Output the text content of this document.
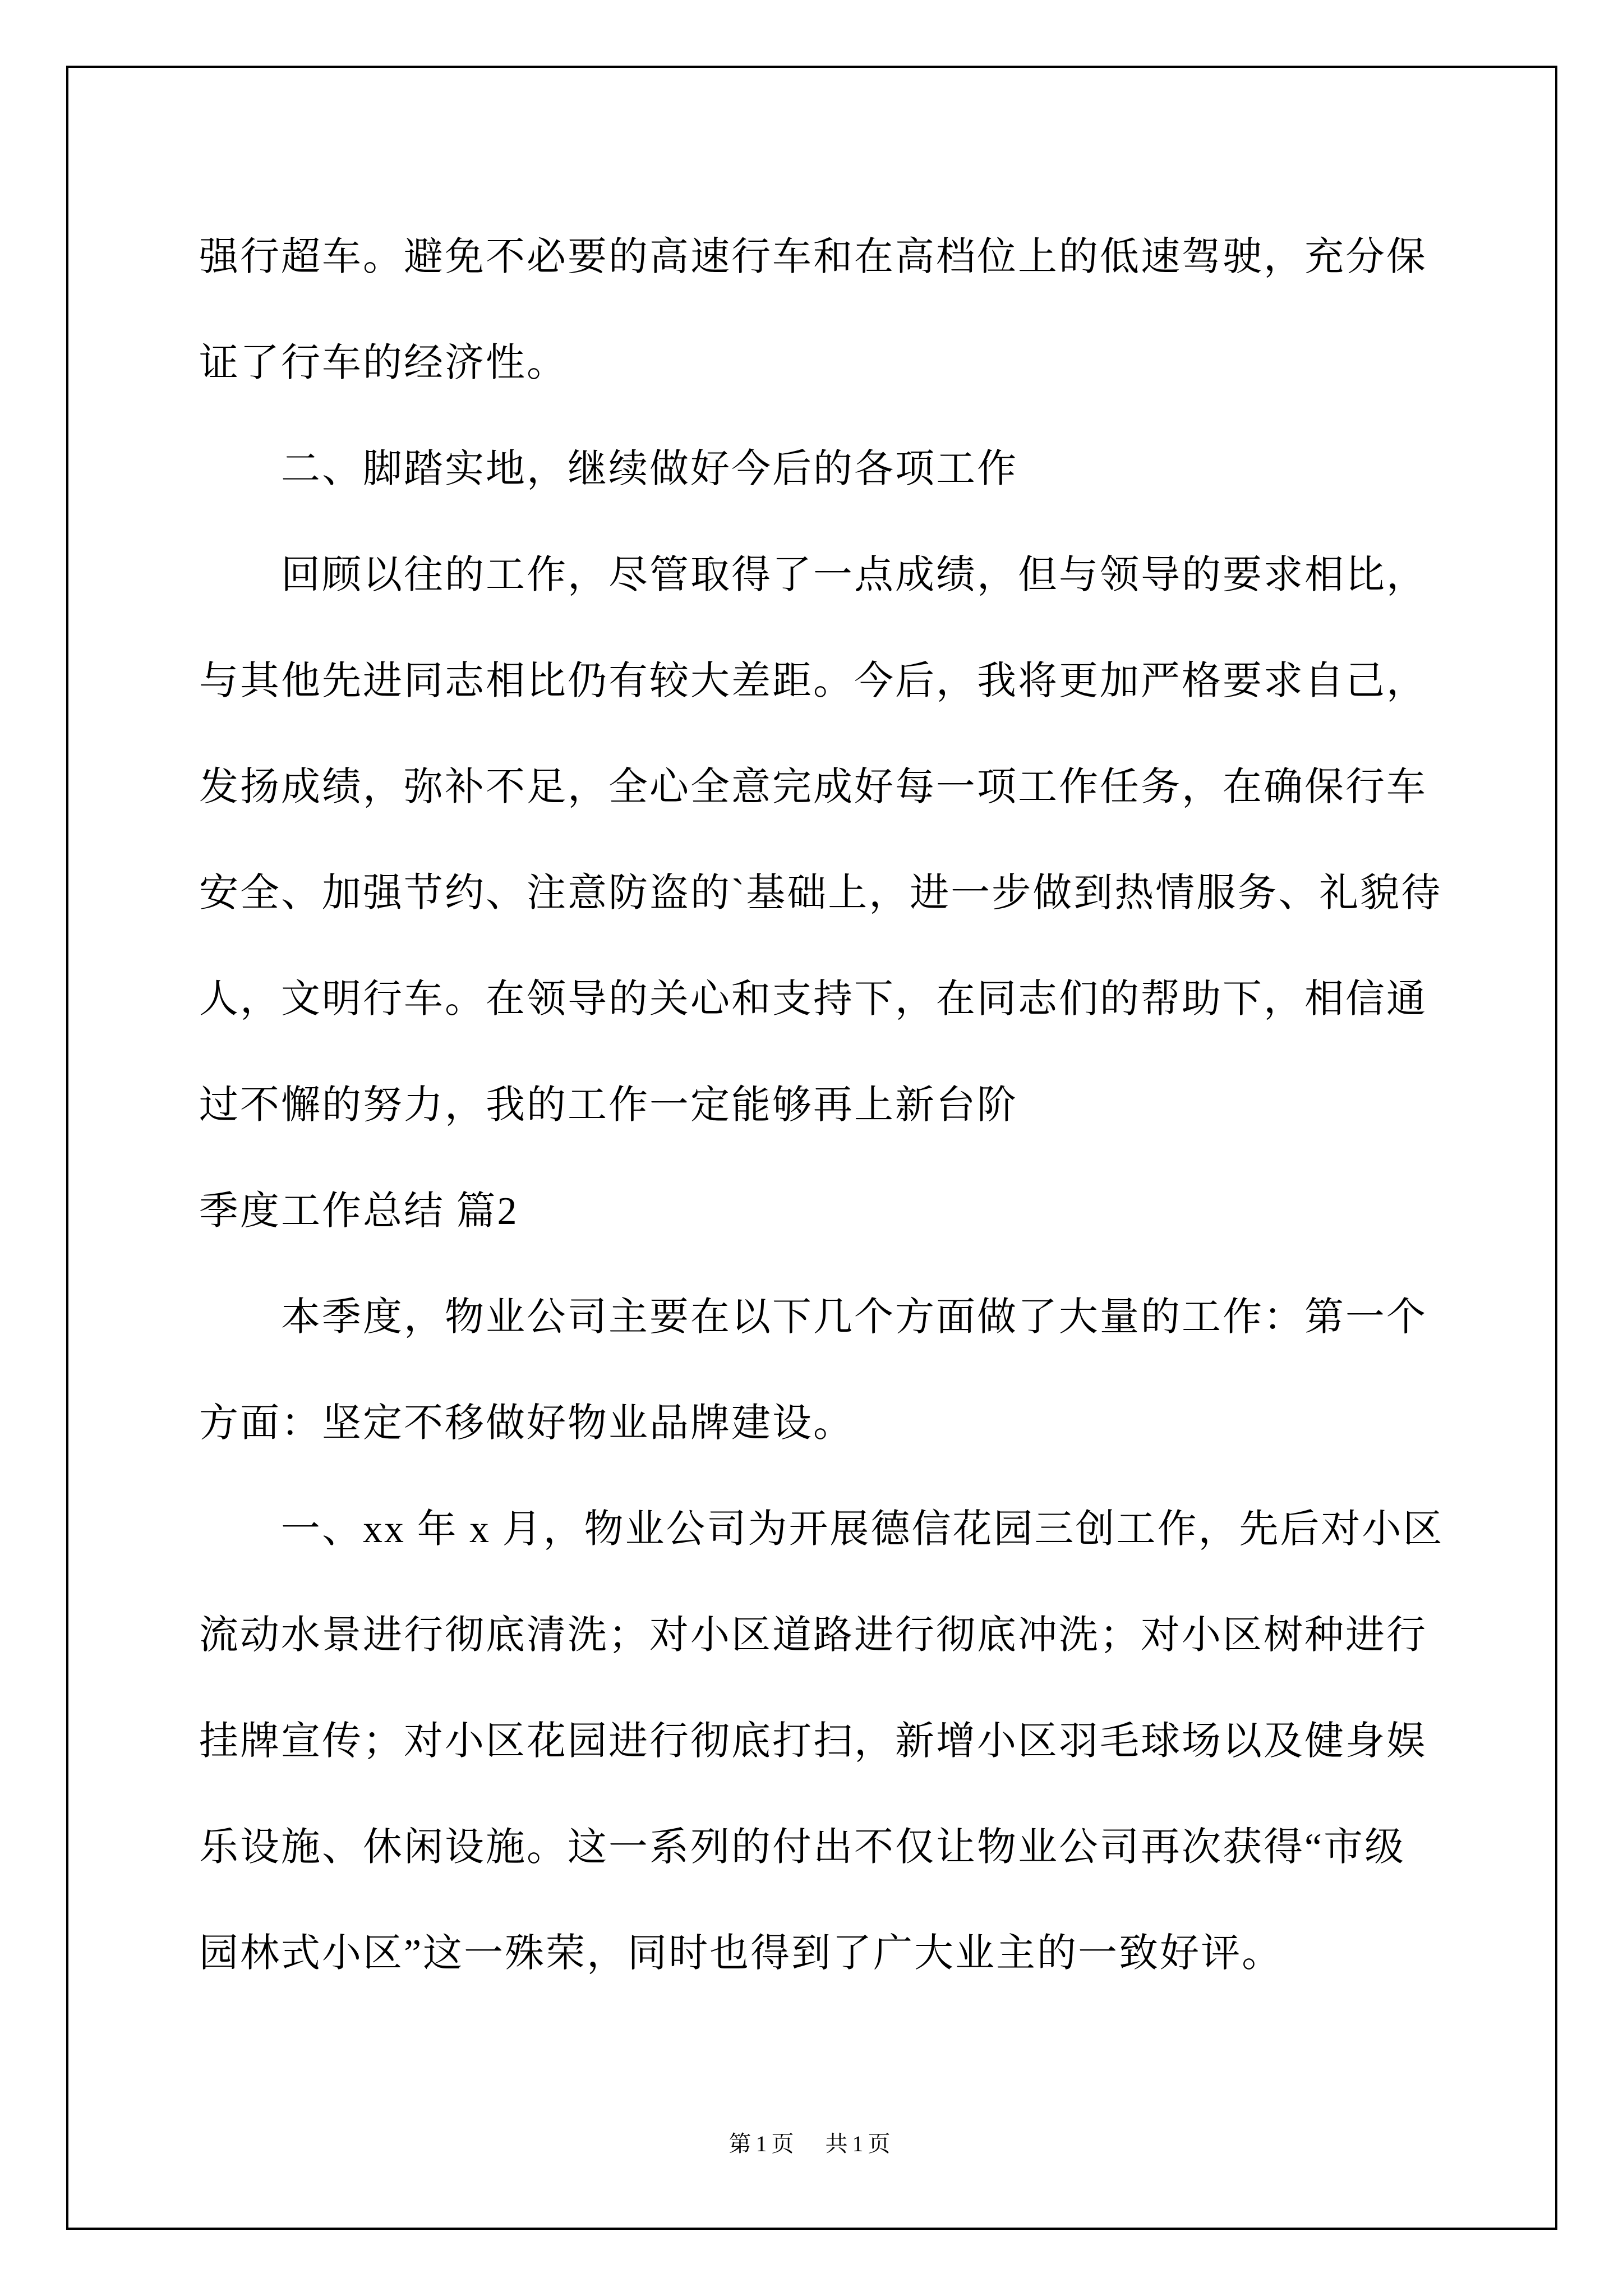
强行超车。避免不必要的高速行车和在高档位上的低速驾驶，充分保

证了行车的经济性。

二、脚踏实地，继续做好今后的各项工作

回顾以往的工作，尽管取得了一点成绩，但与领导的要求相比，

与其他先进同志相比仍有较大差距。今后，我将更加严格要求自己，

发扬成绩，弥补不足，全心全意完成好每一项工作任务，在确保行车

安全、加强节约、注意防盗的`基础上，进一步做到热情服务、礼貌待

人，文明行车。在领导的关心和支持下，在同志们的帮助下，相信通

过不懈的努力，我的工作一定能够再上新台阶

季度工作总结 篇2

本季度，物业公司主要在以下几个方面做了大量的工作：第一个

方面：坚定不移做好物业品牌建设。

一、xx 年 x 月，物业公司为开展德信花园三创工作，先后对小区

流动水景进行彻底清洗；对小区道路进行彻底冲洗；对小区树种进行

挂牌宣传；对小区花园进行彻底打扫，新增小区羽毛球场以及健身娱

乐设施、休闲设施。这一系列的付出不仅让物业公司再次获得“市级

园林式小区”这一殊荣，同时也得到了广大业主的一致好评。

第1页　共1页
